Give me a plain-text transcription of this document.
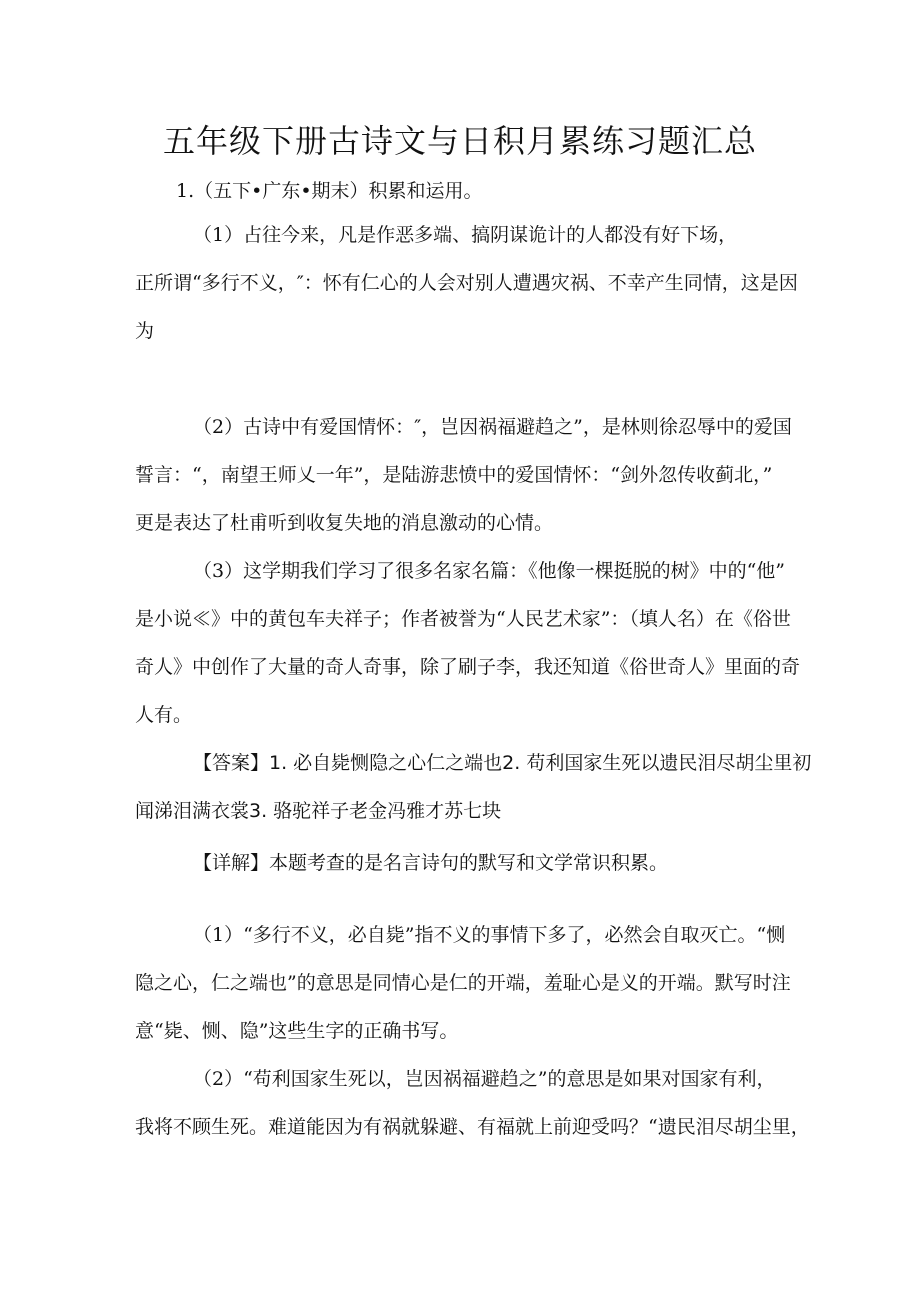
五年级下册古诗文与日积月累练习题汇总
1.（五下•广东•期末）积累和运用。
（1）占往今来，凡是作恶多端、搞阴谋诡计的人都没有好下场，
正所谓“多行不义，″：怀有仁心的人会对别人遭遇灾祸、不幸产生同情，这是因
为
（2）古诗中有爱国情怀：″，岂因祸福避趋之”，是林则徐忍辱中的爱国
誓言：“，南望王师乂一年”，是陆游悲愤中的爱国情怀：“剑外忽传收蓟北，”
更是表达了杜甫听到收复失地的消息激动的心情。
（3）这学期我们学习了很多名家名篇：《他像一棵挺脱的树》中的“他”
是小说≪》中的黄包车夫祥子；作者被誉为“人民艺术家”：（填人名）在《俗世
奇人》中创作了大量的奇人奇事，除了刷子李，我还知道《俗世奇人》里面的奇
人有。
【答案】1. 必自毙恻隐之心仁之端也2. 苟利国家生死以遗民泪尽胡尘里初
闻涕泪满衣裳3. 骆驼祥子老金冯雅才苏七块
【详解】本题考查的是名言诗句的默写和文学常识积累。
（1）“多行不义，必自毙”指不义的事情下多了，必然会自取灭亡。“恻
隐之心，仁之端也”的意思是同情心是仁的开端，羞耻心是义的开端。默写时注
意“毙、恻、隐”这些生字的正确书写。
（2）“苟利国家生死以，岂因祸福避趋之”的意思是如果对国家有利，
我将不顾生死。难道能因为有祸就躲避、有福就上前迎受吗？“遗民泪尽胡尘里，
